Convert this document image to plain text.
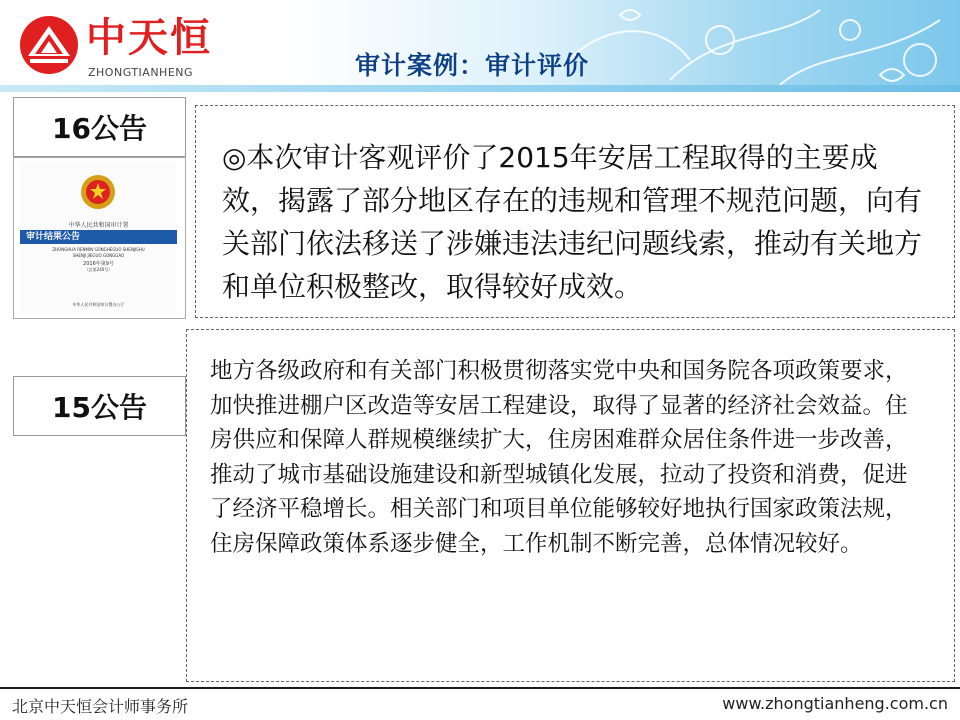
中天恒
ZHONGTIANHENG	审计案例：审计评价
16公告
中华人民共和国审计署
审计结果公告
ZHONGHUA RENMIN GONGHEGUO SHENJISHU
SHENJI JIEGUO GONGGAO
2016年第9号
（总第240号）
中华人民共和国审计署办公厅
15公告
◎本次审计客观评价了2015年安居工程取得的主要成效，揭露了部分地区存在的违规和管理不规范问题，向有关部门依法移送了涉嫌违法违纪问题线索，推动有关地方和单位积极整改，取得较好成效。
地方各级政府和有关部门积极贯彻落实党中央和国务院各项政策要求，加快推进棚户区改造等安居工程建设，取得了显著的经济社会效益。住房供应和保障人群规模继续扩大，住房困难群众居住条件进一步改善，推动了城市基础设施建设和新型城镇化发展，拉动了投资和消费，促进了经济平稳增长。相关部门和项目单位能够较好地执行国家政策法规，住房保障政策体系逐步健全，工作机制不断完善，总体情况较好。
北京中天恒会计师事务所	www.zhongtianheng.com.cn
